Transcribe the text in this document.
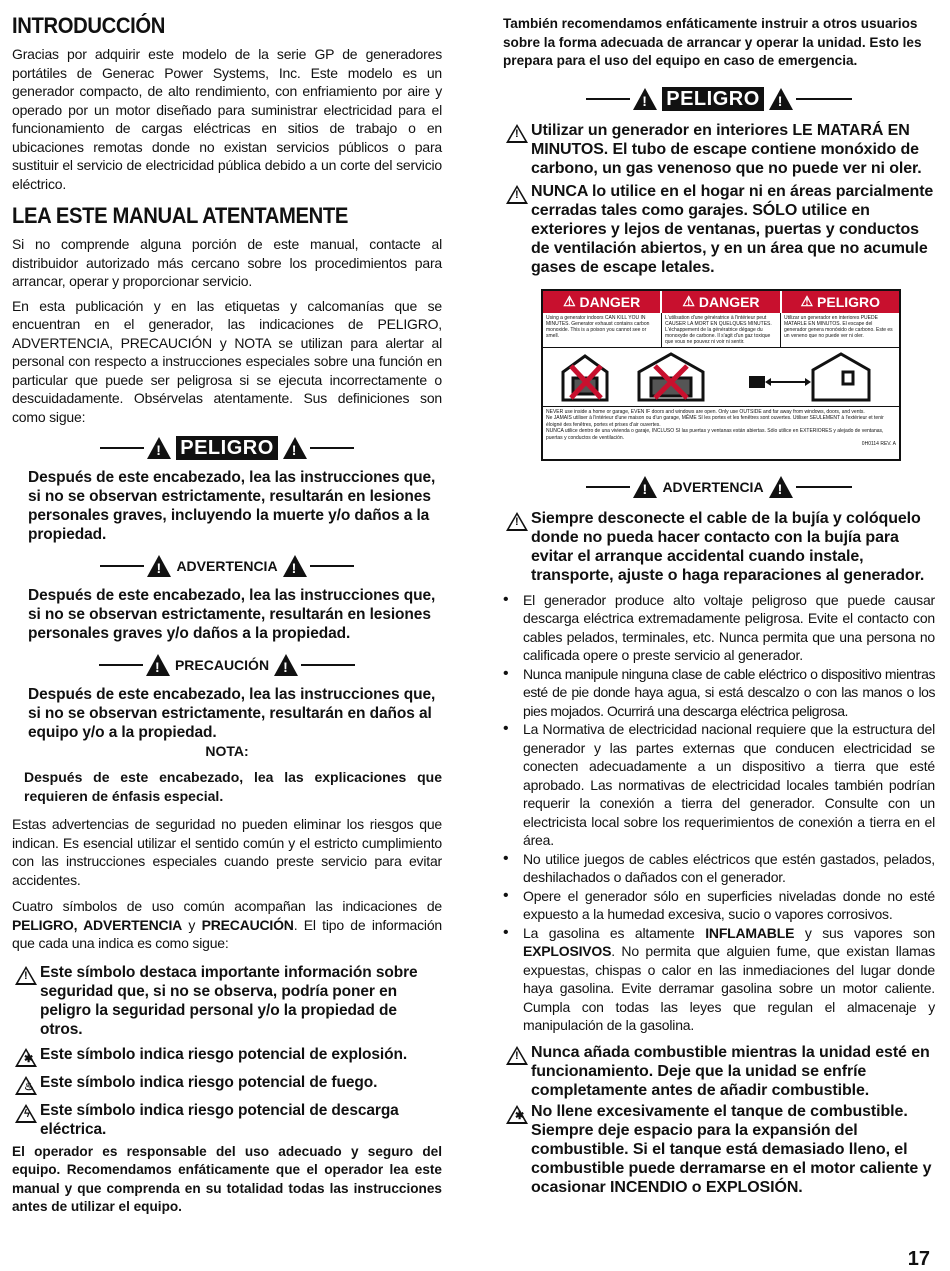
INTRODUCCIÓN

Gracias por adquirir este modelo de la serie GP de generadores portátiles de Generac Power Systems, Inc. Este modelo es un generador compacto, de alto rendimiento, con enfriamiento por aire y operado por un motor diseñado para suministrar electricidad para el funcionamiento de cargas eléctricas en sitios de trabajo o en ubicaciones remotas donde no existan servicios públicos o para sustituir el servicio de electricidad pública debido a un corte del servicio eléctrico.

LEA ESTE MANUAL ATENTAMENTE

Si no comprende alguna porción de este manual, contacte al distribuidor autorizado más cercano sobre los procedimientos para arrancar, operar y proporcionar servicio.

En esta publicación y en las etiquetas y calcomanías que se encuentran en el generador, las indicaciones de PELIGRO, ADVERTENCIA, PRECAUCIÓN y NOTA se utilizan para alertar al personal con respecto a instrucciones especiales sobre una función en particular que puede ser peligrosa si se ejecuta incorrectamente o descuidadamente. Obsérvelas atentamente. Sus definiciones son como sigue:

!
PELIGRO
!

Después de este encabezado, lea las instrucciones que, si no se observan estrictamente, resultarán en lesiones personales graves, incluyendo la muerte y/o daños a la propiedad.

!
ADVERTENCIA
!

Después de este encabezado, lea las instrucciones que, si no se observan estrictamente, resultarán en lesiones personales graves y/o daños a la propiedad.

!
PRECAUCIÓN
!

Después de este encabezado, lea las instrucciones que, si no se observan estrictamente, resultarán en daños al equipo y/o a la propiedad.

NOTA:

Después de este encabezado, lea las explicaciones que requieren de énfasis especial.

Estas advertencias de seguridad no pueden eliminar los riesgos que indican. Es esencial utilizar el sentido común y el estricto cumplimiento con las instrucciones especiales cuando preste servicio para evitar accidentes.

Cuatro símbolos de uso común acompañan las indicaciones de PELIGRO, ADVERTENCIA y PRECAUCIÓN. El tipo de información que cada una indica es como sigue:

! Este símbolo destaca importante información sobre seguridad que, si no se observa, podría poner en peligro la seguridad personal y/o la propiedad de otros.

✱ Este símbolo indica riesgo potencial de explosión.

♨ Este símbolo indica riesgo potencial de fuego.

ϟ Este símbolo indica riesgo potencial de descarga eléctrica.

El operador es responsable del uso adecuado y seguro del equipo. Recomendamos enfáticamente que el operador lea este manual y que comprenda en su totalidad todas las instrucciones antes de utilizar el equipo.

También recomendamos enfáticamente instruir a otros usuarios sobre la forma adecuada de arrancar y operar la unidad. Esto les prepara para el uso del equipo en caso de emergencia.

!
PELIGRO
!
! Utilizar un generador en interiores LE MATARÁ EN MINUTOS. El tubo de escape contiene monóxido de carbono, un gas venenoso que no puede ver ni oler.

! NUNCA lo utilice en el hogar ni en áreas parcialmente cerradas tales como garajes. SÓLO utilice en exteriores y lejos de ventanas, puertas y conductos de ventilación abiertos, y en un área que no acumule gases de escape letales.

⚠ DANGER	⚠ DANGER	⚠ PELIGRO
Using a generator indoors CAN KILL YOU IN MINUTES. Generator exhaust contains carbon monoxide. This is a poison you cannot see or smell.
L'utilisation d'une génératrice à l'intérieur peut CAUSER LA MORT EN QUELQUES MINUTES. L'échappement de la génératrice dégage du monoxyde de carbone. Il s'agit d'un gaz toxique que vous ne pouvez ni voir ni sentir.
Utilizar un generador en interiores PUEDE MATARLE EN MINUTOS. El escape del generador genera monóxido de carbono. Este es un veneno que no puede ver ni oler.
NEVER use inside a home or garage, EVEN IF doors and windows are open. Only use OUTSIDE and far away from windows, doors, and vents.
Ne JAMAIS utiliser à l'intérieur d'une maison ou d'un garage, MÊME SI les portes et les fenêtres sont ouvertes. Utiliser SEULEMENT à l'extérieur et tenir éloigné des fenêtres, portes et prises d'air ouvertes.
NUNCA utilice dentro de una vivienda o garaje, INCLUSO SI las puertas y ventanas están abiertas. Sólo utilice en EXTERIORES y alejado de ventanas, puertas y conductos de ventilación.
0H0114 REV. A
!
ADVERTENCIA
!
! Siempre desconecte el cable de la bujía y colóquelo donde no pueda hacer contacto con la bujía para evitar el arranque accidental cuando instale, transporte, ajuste o haga reparaciones al generador.

• El generador produce alto voltaje peligroso que puede causar descarga eléctrica extremadamente peligrosa. Evite el contacto con cables pelados, terminales, etc. Nunca permita que una persona no calificada opere o preste servicio al generador.
• Nunca manipule ninguna clase de cable eléctrico o dispositivo mientras esté de pie donde haya agua, si está descalzo o con las manos o los pies mojados. Ocurrirá una descarga eléctrica peligrosa.
• La Normativa de electricidad nacional requiere que la estructura del generador y las partes externas que conducen electricidad se conecten adecuadamente a un dispositivo a tierra que esté aprobado. Las normativas de electricidad locales también podrían requerir la conexión a tierra del generador. Consulte con un electricista local sobre los requerimientos de conexión a tierra en el área.
• No utilice juegos de cables eléctricos que estén gastados, pelados, deshilachados o dañados con el generador.
• Opere el generador sólo en superficies niveladas donde no esté expuesto a la humedad excesiva, sucio o vapores corrosivos.
• La gasolina es altamente INFLAMABLE y sus vapores son EXPLOSIVOS. No permita que alguien fume, que existan llamas expuestas, chispas o calor en las inmediaciones del lugar donde haya gasolina. Evite derramar gasolina sobre un motor caliente. Cumpla con todas las leyes que regulan el almacenaje y manipulación de la gasolina.
! Nunca añada combustible mientras la unidad esté en funcionamiento. Deje que la unidad se enfríe completamente antes de añadir combustible.

✱ No llene excesivamente el tanque de combustible. Siempre deje espacio para la expansión del combustible. Si el tanque está demasiado lleno, el combustible puede derramarse en el motor caliente y ocasionar INCENDIO o EXPLOSIÓN.

17
